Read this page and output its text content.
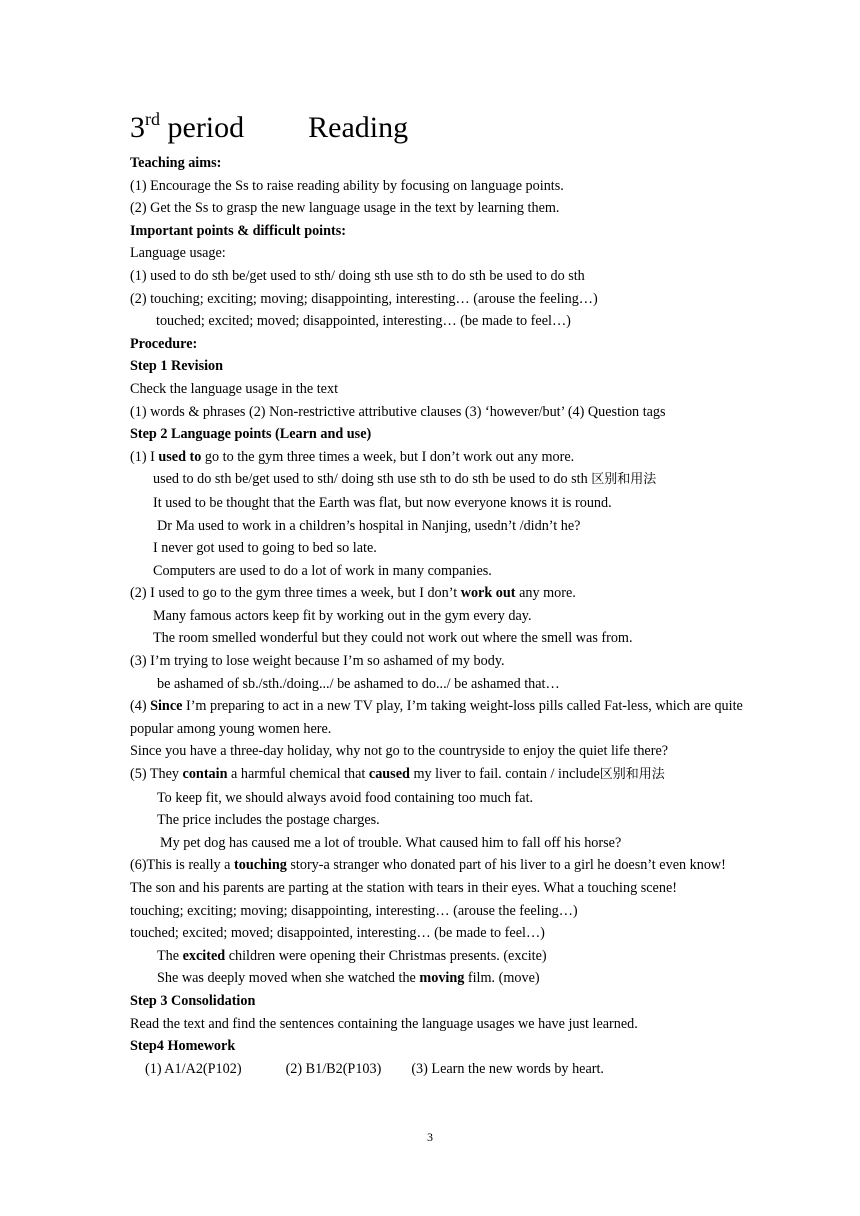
3rd period Reading
Teaching aims:
(1) Encourage the Ss to raise reading ability by focusing on language points.
(2) Get the Ss to grasp the new language usage in the text by learning them.
Important points & difficult points:
Language usage:
(1) used to do sth be/get used to sth/ doing sth use sth to do sth be used to do sth
(2) touching; exciting; moving; disappointing, interesting… (arouse the feeling…)
touched; excited; moved; disappointed, interesting… (be made to feel…)
Procedure:
Step 1 Revision
Check the language usage in the text
(1) words & phrases (2) Non-restrictive attributive clauses (3) ‘however/but’ (4) Question tags
Step 2 Language points (Learn and use)
(1) I used to go to the gym three times a week, but I don’t work out any more.
used to do sth be/get used to sth/ doing sth use sth to do sth be used to do sth 区别和用法
It used to be thought that the Earth was flat, but now everyone knows it is round.
Dr Ma used to work in a children’s hospital in Nanjing, usedn’t /didn’t he?
I never got used to going to bed so late.
Computers are used to do a lot of work in many companies.
(2) I used to go to the gym three times a week, but I don’t work out any more.
Many famous actors keep fit by working out in the gym every day.
The room smelled wonderful but they could not work out where the smell was from.
(3) I’m trying to lose weight because I’m so ashamed of my body.
be ashamed of sb./sth./doing.../ be ashamed to do.../ be ashamed that…
(4) Since I’m preparing to act in a new TV play, I’m taking weight-loss pills called Fat-less, which are quite popular among young women here.
Since you have a three-day holiday, why not go to the countryside to enjoy the quiet life there?
(5) They contain a harmful chemical that caused my liver to fail. contain / include区别和用法
To keep fit, we should always avoid food containing too much fat.
The price includes the postage charges.
My pet dog has caused me a lot of trouble. What caused him to fall off his horse?
(6)This is really a touching story-a stranger who donated part of his liver to a girl he doesn’t even know!
The son and his parents are parting at the station with tears in their eyes. What a touching scene!
touching; exciting; moving; disappointing, interesting… (arouse the feeling…)
touched; excited; moved; disappointed, interesting… (be made to feel…)
The excited children were opening their Christmas presents. (excite)
She was deeply moved when she watched the moving film. (move)
Step 3 Consolidation
Read the text and find the sentences containing the language usages we have just learned.
Step4 Homework
(1) A1/A2(P102)	(2) B1/B2(P103) (3) Learn the new words by heart.
3
